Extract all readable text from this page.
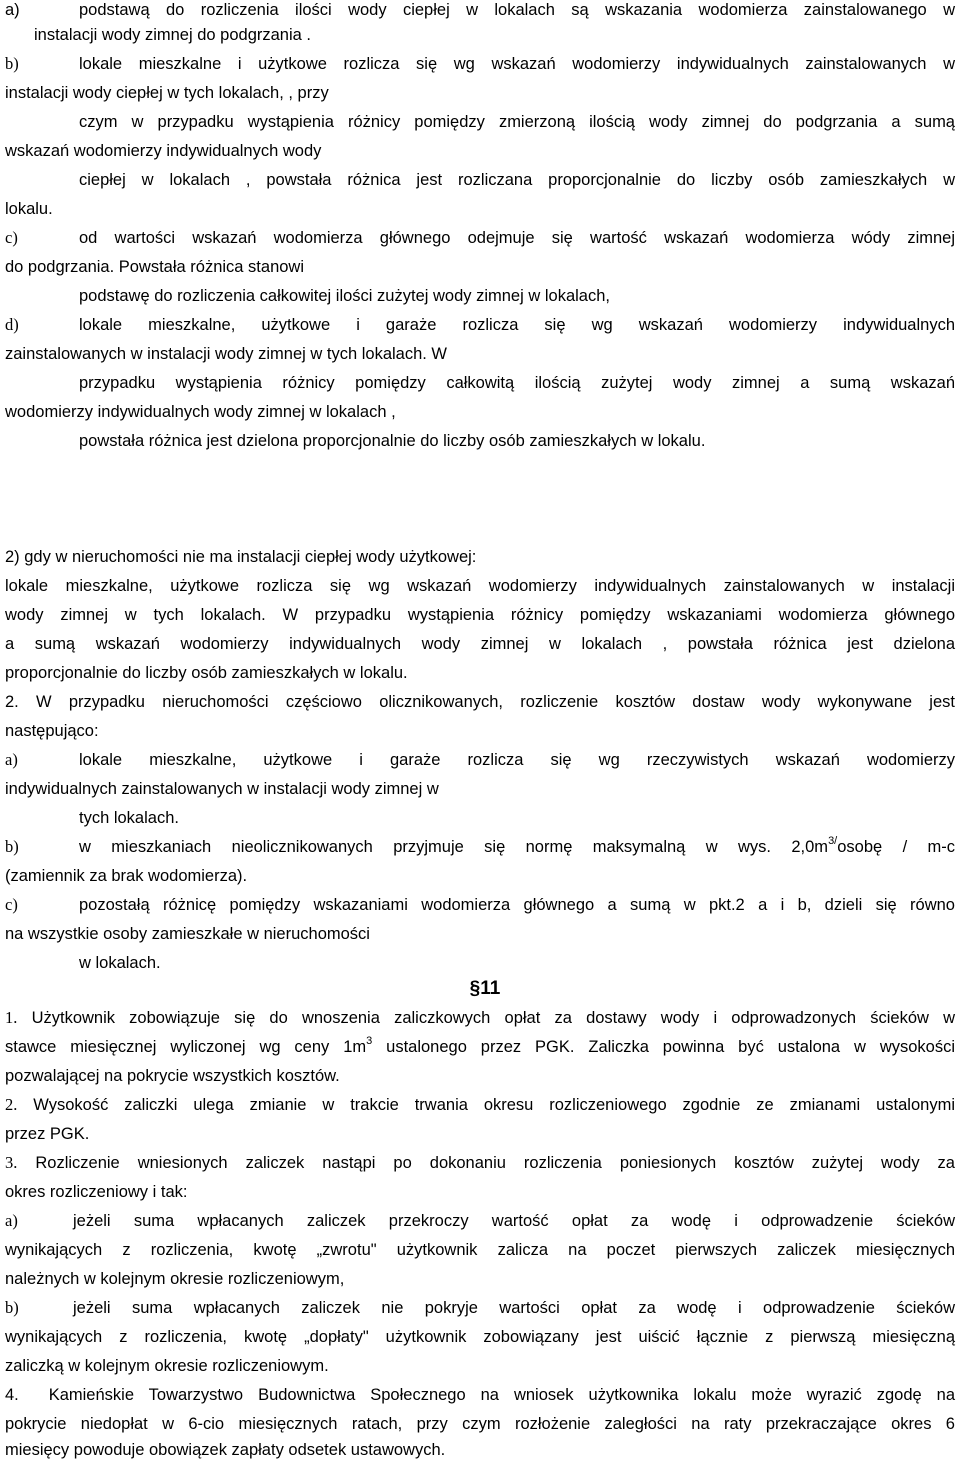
a)	podstawą do rozliczenia ilości wody ciepłej w lokalach są wskazania wodomierza zainstalowanego w
instalacji wody zimnej do podgrzania .
b)	lokale mieszkalne i użytkowe rozlicza się wg wskazań wodomierzy indywidualnych zainstalowanych w
instalacji wody ciepłej w tych lokalach, , przy
czym w przypadku wystąpienia różnicy pomiędzy zmierzoną ilością wody zimnej do podgrzania a sumą
wskazań wodomierzy indywidualnych wody
ciepłej w lokalach , powstała różnica jest rozliczana proporcjonalnie do liczby osób zamieszkałych w
lokalu.
c)	od wartości wskazań wodomierza głównego odejmuje się wartość wskazań wodomierza wódy zimnej
do podgrzania. Powstała różnica stanowi
podstawę do rozliczenia całkowitej ilości zużytej wody zimnej w lokalach,
d)	lokale mieszkalne, użytkowe i garaże rozlicza się wg wskazań wodomierzy indywidualnych
zainstalowanych w instalacji wody zimnej w tych lokalach. W
przypadku wystąpienia różnicy pomiędzy całkowitą ilością zużytej wody zimnej a sumą wskazań
wodomierzy indywidualnych wody zimnej w lokalach ,
powstała różnica jest dzielona proporcjonalnie do liczby osób zamieszkałych w lokalu.
2) gdy w nieruchomości nie ma instalacji ciepłej wody użytkowej:
lokale mieszkalne, użytkowe rozlicza się wg wskazań wodomierzy indywidualnych zainstalowanych w instalacji
wody zimnej w tych lokalach. W przypadku wystąpienia różnicy pomiędzy wskazaniami wodomierza głównego
a sumą wskazań wodomierzy indywidualnych wody zimnej w lokalach , powstała różnica jest dzielona
proporcjonalnie do liczby osób zamieszkałych w lokalu.
2. W przypadku nieruchomości częściowo olicznikowanych, rozliczenie kosztów dostaw wody wykonywane jest
następująco:
a)	lokale mieszkalne, użytkowe i garaże rozlicza się wg rzeczywistych wskazań wodomierzy
indywidualnych zainstalowanych w instalacji wody zimnej w
tych lokalach.
b)	w mieszkaniach nieolicznikowanych przyjmuje się normę maksymalną w wys. $2,0m^{3/}osobę / m-c$
(zamiennik za brak wodomierza).
c)	pozostałą różnicę pomiędzy wskazaniami wodomierza głównego a sumą w pkt.2 a i b, dzieli się równo
na wszystkie osoby zamieszkałe w nieruchomości
w lokalach.
§11
1. Użytkownik zobowiązuje się do wnoszenia zaliczkowych opłat za dostawy wody i odprowadzonych ścieków w
stawce miesięcznej wyliczonej wg ceny $1m^3$ ustalonego przez PGK. Zaliczka powinna być ustalona w wysokości
pozwalającej na pokrycie wszystkich kosztów.
2. Wysokość zaliczki ulega zmianie w trakcie trwania okresu rozliczeniowego zgodnie ze zmianami ustalonymi
przez PGK.
3. Rozliczenie wniesionych zaliczek nastąpi po dokonaniu rozliczenia poniesionych kosztów zużytej wody za
okres rozliczeniowy i tak:
a)	jeżeli suma wpłacanych zaliczek przekroczy wartość opłat za wodę i odprowadzenie ścieków
wynikających z rozliczenia, kwotę „zwrotu" użytkownik zalicza na poczet pierwszych zaliczek miesięcznych
należnych w kolejnym okresie rozliczeniowym,
b)	jeżeli suma wpłacanych zaliczek nie pokryje wartości opłat za wodę i odprowadzenie ścieków
wynikających z rozliczenia, kwotę „dopłaty" użytkownik zobowiązany jest uiścić łącznie z pierwszą miesięczną
zaliczką w kolejnym okresie rozliczeniowym.
4. Kamieńskie Towarzystwo Budownictwa Społecznego na wniosek użytkownika lokalu może wyrazić zgodę na
pokrycie niedopłat w 6-cio miesięcznych ratach, przy czym rozłożenie zaległości na raty przekraczające okres 6
miesięcy powoduje obowiązek zapłaty odsetek ustawowych.
